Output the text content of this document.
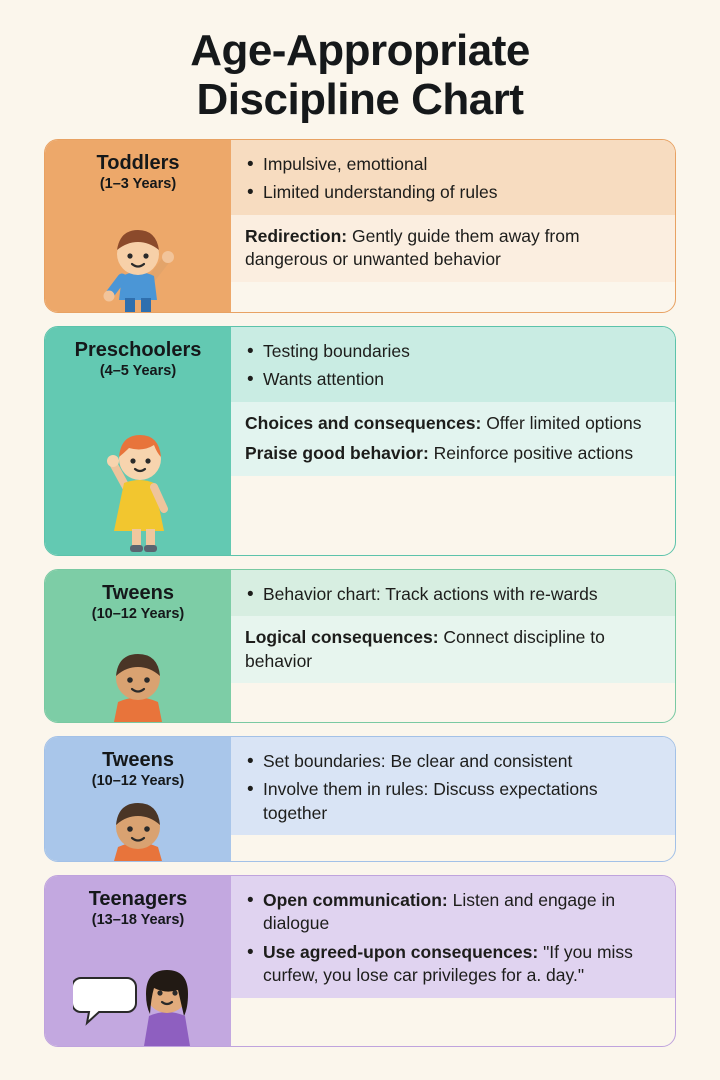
Age-Appropriate
Discipline Chart
Toddlers
(1–3 Years)
• Impulsive, emottional
• Limited understanding of rules

Redirection: Gently guide them away from dangerous or unwanted behavior

Preschoolers
(4–5 Years)
• Testing boundaries
• Wants attention

Choices and consequences: Offer limited options

Praise good behavior: Reinforce positive actions

Tweens
(10–12 Years)
• Behavior chart: Track actions with re-wards

Logical consequences: Connect discipline to behavior

Tweens
(10–12 Years)
• Set boundaries: Be clear and consistent
• Involve them in rules: Discuss expectations together
Teenagers
(13–18 Years)
• Open communication: Listen and engage in dialogue
• Use agreed-upon consequences: "If you miss curfew, you lose car privileges for a. day."
